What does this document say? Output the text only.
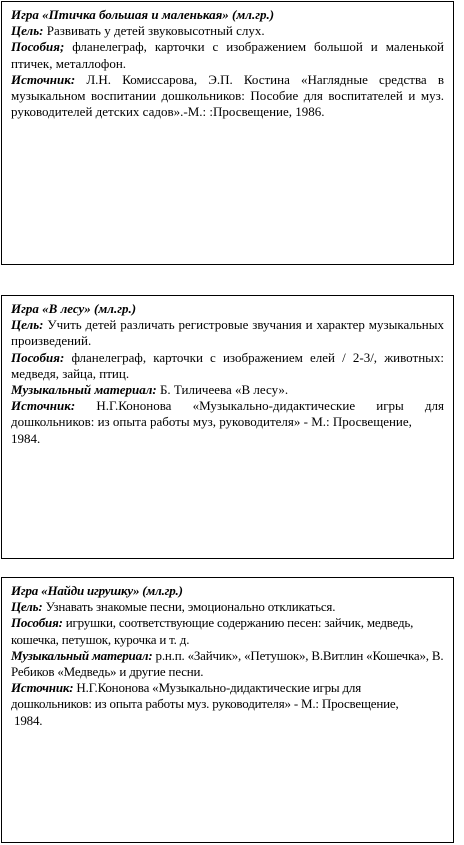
Игра «Птичка большая и маленькая» (мл.гр.)
Цель: Развивать у детей звуковысотный слух.
Пособия; фланелеграф, карточки с изображением большой и маленькой птичек, металлофон.
Источник: Л.Н. Комиссарова, Э.П. Костина «Наглядные средства в музыкальном воспитании дошкольников: Пособие для воспитателей и муз. руководителей детских садов».-М.: :Просвещение, 1986.
Игра «В лесу» (мл.гр.)
Цель: Учить детей различать регистровые звучания и характер музыкальных произведений.
Пособия: фланелеграф, карточки с изображением елей / 2-3/, животных: медведя, зайца, птиц.
Музыкальный материал: Б. Тиличеева «В лесу».
Источник: Н.Г.Кононова «Музыкально-дидактические игры для дошкольников: из опыта работы муз, руководителя» - М.: Просвещение,
1984.
Игра «Найди игрушку» (мл.гр.)
Цель: Узнавать знакомые песни, эмоционально откликаться.
Пособия: игрушки, соответствующие содержанию песен: зайчик, медведь, кошечка, петушок, курочка и т. д.
Музыкальный материал: р.н.п. «Зайчик», «Петушок», В.Витлин «Кошечка», В. Ребиков «Медведь» и другие песни.
Источник: Н.Г.Кононова «Музыкально-дидактические игры для дошкольников: из опыта работы муз. руководителя» - М.: Просвещение,
1984.
